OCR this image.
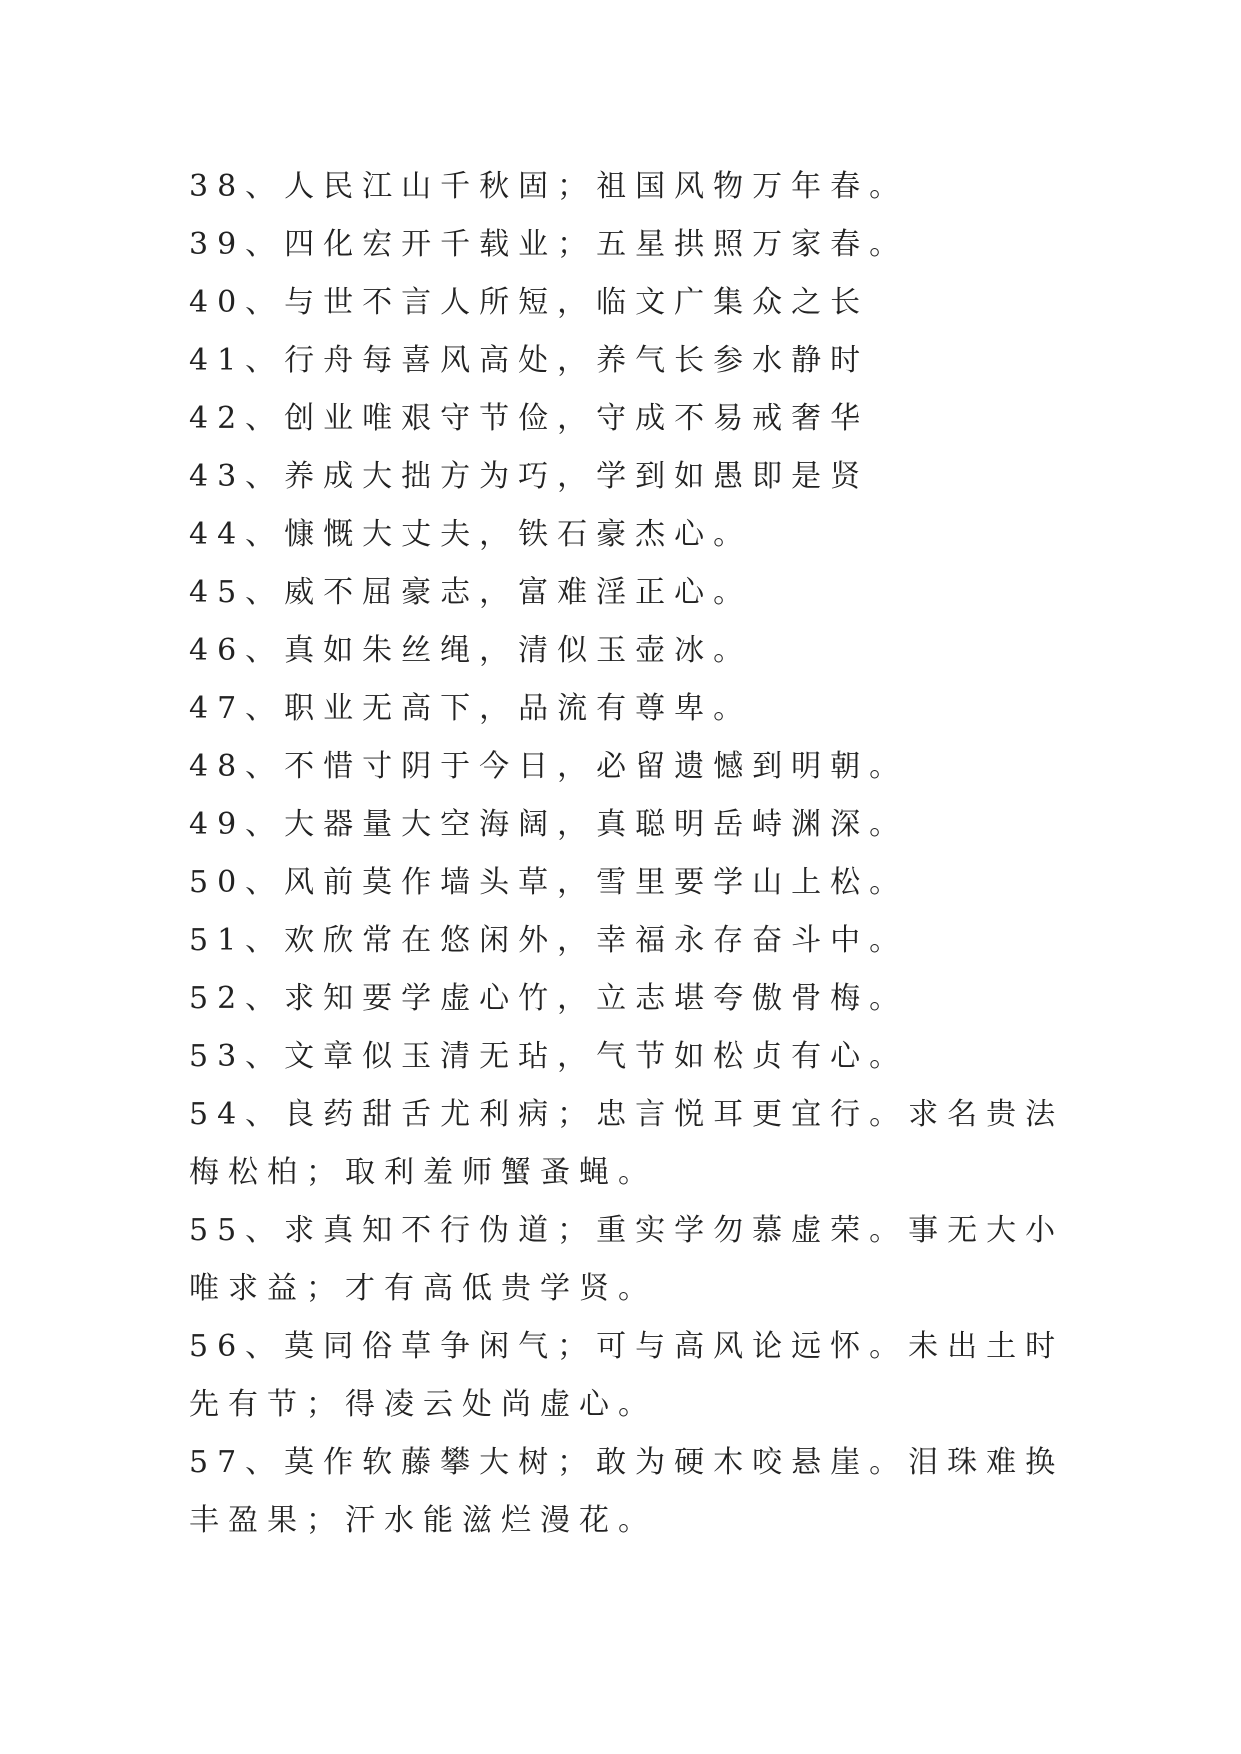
38、人民江山千秋固；祖国风物万年春。

39、四化宏开千载业；五星拱照万家春。

40、与世不言人所短，临文广集众之长

41、行舟每喜风高处，养气长参水静时

42、创业唯艰守节俭，守成不易戒奢华

43、养成大拙方为巧，学到如愚即是贤

44、慷慨大丈夫，铁石豪杰心。

45、威不屈豪志，富难淫正心。

46、真如朱丝绳，清似玉壶冰。

47、职业无高下，品流有尊卑。

48、不惜寸阴于今日，必留遗憾到明朝。

49、大器量大空海阔，真聪明岳峙渊深。

50、风前莫作墙头草，雪里要学山上松。

51、欢欣常在悠闲外，幸福永存奋斗中。

52、求知要学虚心竹，立志堪夸傲骨梅。

53、文章似玉清无玷，气节如松贞有心。

54、良药甜舌尤利病；忠言悦耳更宜行。求名贵法梅松柏；取利羞师蟹蚤蝇。

55、求真知不行伪道；重实学勿慕虚荣。事无大小唯求益；才有高低贵学贤。

56、莫同俗草争闲气；可与高风论远怀。未出土时先有节；得凌云处尚虚心。

57、莫作软藤攀大树；敢为硬木咬悬崖。泪珠难换丰盈果；汗水能滋烂漫花。
